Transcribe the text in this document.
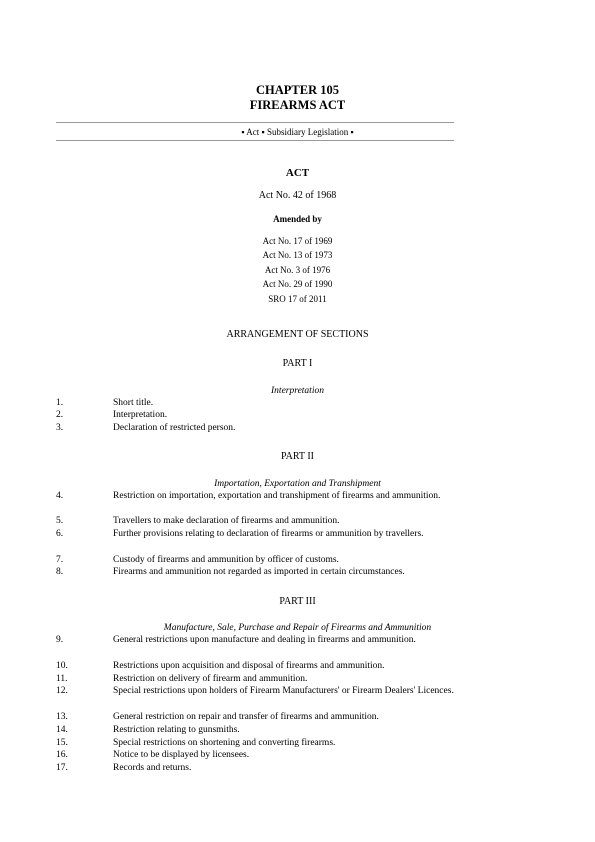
CHAPTER 105
FIREARMS ACT
▪ Act ▪ Subsidiary Legislation ▪
ACT
Act No. 42 of 1968
Amended by
Act No. 17 of 1969
Act No. 13 of 1973
Act No. 3 of 1976
Act No. 29 of 1990
SRO 17 of 2011
ARRANGEMENT OF SECTIONS
PART I
Interpretation
1.	Short title.
2.	Interpretation.
3.	Declaration of restricted person.
PART II
Importation, Exportation and Transhipment
4.	Restriction on importation, exportation and transhipment of firearms and ammunition.
5.	Travellers to make declaration of firearms and ammunition.
6.	Further provisions relating to declaration of firearms or ammunition by travellers.
7.	Custody of firearms and ammunition by officer of customs.
8.	Firearms and ammunition not regarded as imported in certain circumstances.
PART III
Manufacture, Sale, Purchase and Repair of Firearms and Ammunition
9.	General restrictions upon manufacture and dealing in firearms and ammunition.
10.	Restrictions upon acquisition and disposal of firearms and ammunition.
11.	Restriction on delivery of firearm and ammunition.
12.	Special restrictions upon holders of Firearm Manufacturers' or Firearm Dealers' Licences.
13.	General restriction on repair and transfer of firearms and ammunition.
14.	Restriction relating to gunsmiths.
15.	Special restrictions on shortening and converting firearms.
16.	Notice to be displayed by licensees.
17.	Records and returns.
